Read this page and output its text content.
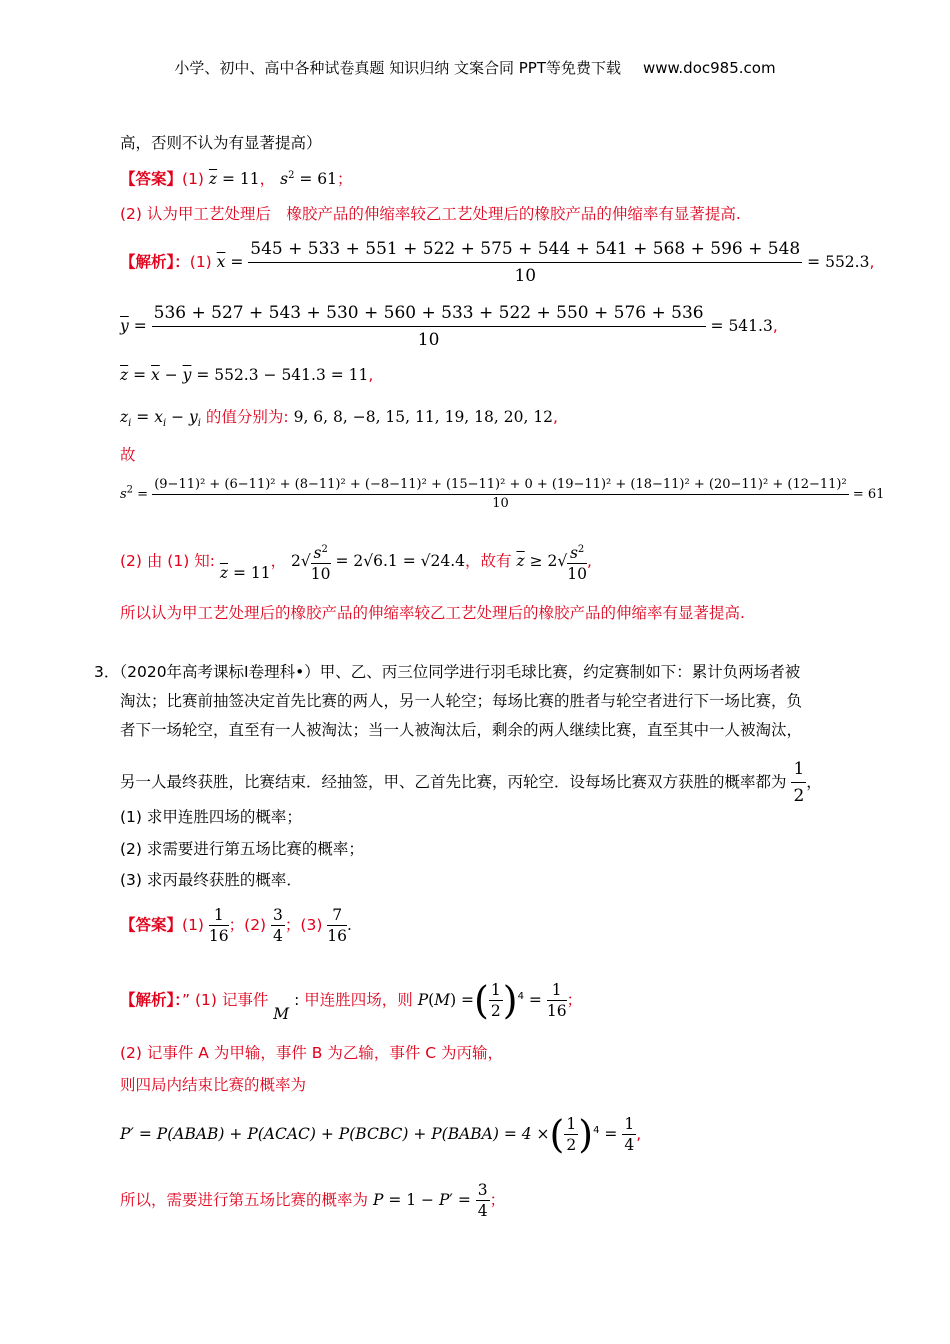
小学、初中、高中各种试卷真题 知识归纳 文案合同 PPT等免费下载 www.doc985.com
高，否则不认为有显著提高）
【答案】(1) $\overline{z} = 11$， $s^2 = 61$；
(2) 认为甲工艺处理后　橡胶产品的伸缩率较乙工艺处理后的橡胶产品的伸缩率有显著提高.
【解析】：(1) $\overline{x} = \frac{545 + 533 + 551 + 522 + 575 + 544 + 541 + 568 + 596 + 548}{10} = 552.3$,
$\overline{y} = \frac{536 + 527 + 543 + 530 + 560 + 533 + 522 + 550 + 576 + 536}{10} = 541.3$,
$\overline{z} = \overline{x} - \overline{y} = 552.3 - 541.3 = 11$,
$z_i = x_i - y_i$ 的值分别为: 9, 6, 8, −8, 15, 11, 19, 18, 20, 12,
故
$s^2$ =
(9−11)² + (6−11)² + (8−11)² + (−8−11)² + (15−11)² + 0 + (19−11)² + (18−11)² + (20−11)² + (12−11)²
10
= 61
(2) 由 (1) 知: $\overline{z} = 11$， $2√ \frac{s^2}{10} = 2√6.1 = √24.4$，故有 $\overline{z} \ge 2√ \frac{s^2}{10}$ ,
所以认为甲工艺处理后的橡胶产品的伸缩率较乙工艺处理后的橡胶产品的伸缩率有显著提高.
3．（2020年高考课标Ⅰ卷理科•）甲、乙、丙三位同学进行羽毛球比赛，约定赛制如下：累计负两场者被
淘汰；比赛前抽签决定首先比赛的两人，另一人轮空；每场比赛的胜者与轮空者进行下一场比赛，负
者下一场轮空，直至有一人被淘汰；当一人被淘汰后，剩余的两人继续比赛，直至其中一人被淘汰，
另一人最终获胜，比赛结束．经抽签，甲、乙首先比赛，丙轮空．设每场比赛双方获胜的概率都为 $\frac{1}{2}$ ，
(1) 求甲连胜四场的概率；
(2) 求需要进行第五场比赛的概率；
(3) 求丙最终获胜的概率．
【答案】$(1) \frac{1}{16}$ ；$(2) \frac{3}{4}$ ；$(3) \frac{7}{16}$ .
【解析】：” (1) 记事件 M : 甲连胜四场，则 P(M) =( $\frac{1}{2} )^4 = \frac{1}{16}$ ；
(2) 记事件 A 为甲输，事件 B 为乙输，事件 C 为丙输，
则四局内结束比赛的概率为
P′ = P(ABAB) + P(ACAC) + P(BCBC) + P(BABA) = 4 ×( $\frac{1}{2} )^4 = \frac{1}{4}$ ,
所以，需要进行第五场比赛的概率为 $P = 1 - P' = \frac{3}{4}$ ；
